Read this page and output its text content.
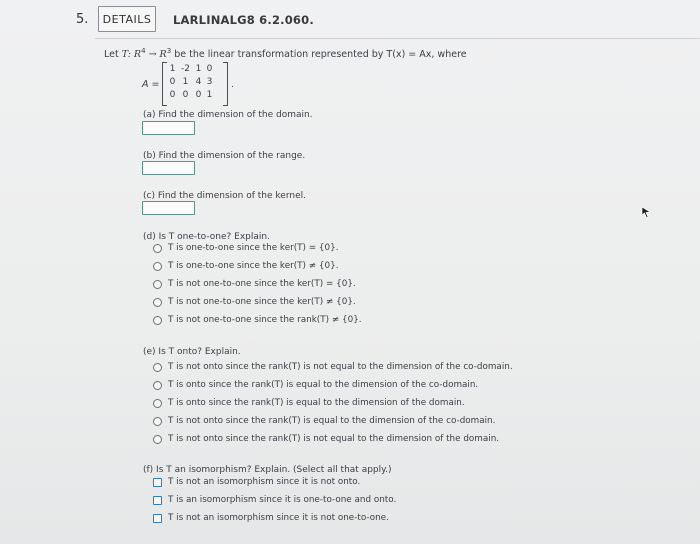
5.	DETAILS	LARLINALG8 6.2.060.
Let T: $R^4 \to R^3$ be the linear transformation represented by T(x) = Ax, where
A =
1 -2 1 0
0 1 4 3
0 0 0 1
.
(a) Find the dimension of the domain.
(b) Find the dimension of the range.
(c) Find the dimension of the kernel.
(d) Is T one-to-one? Explain.
T is one-to-one since the ker(T) = {0}.
T is one-to-one since the ker(T) ≠ {0}.
T is not one-to-one since the ker(T) = {0}.
T is not one-to-one since the ker(T) ≠ {0}.
T is not one-to-one since the rank(T) ≠ {0}.
(e) Is T onto? Explain.
T is not onto since the rank(T) is not equal to the dimension of the co-domain.
T is onto since the rank(T) is equal to the dimension of the co-domain.
T is onto since the rank(T) is equal to the dimension of the domain.
T is not onto since the rank(T) is equal to the dimension of the co-domain.
T is not onto since the rank(T) is not equal to the dimension of the domain.
(f) Is T an isomorphism? Explain. (Select all that apply.)
T is not an isomorphism since it is not onto.
T is an isomorphism since it is one-to-one and onto.
T is not an isomorphism since it is not one-to-one.
